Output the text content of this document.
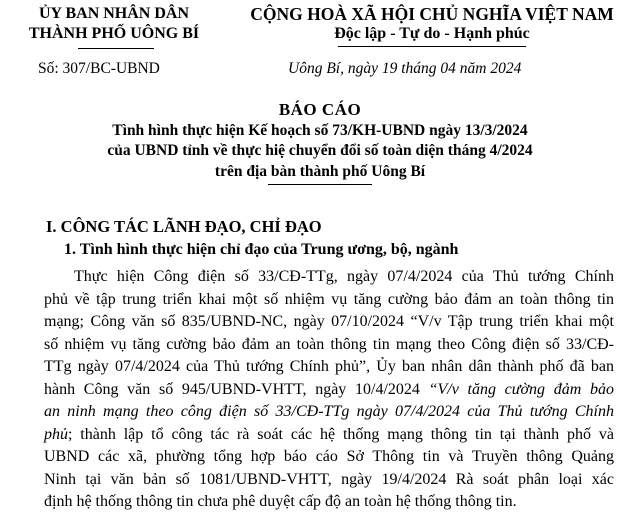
ỦY BAN NHÂN DÂN
THÀNH PHỐ UÔNG BÍ
CỘNG HOÀ XÃ HỘI CHỦ NGHĨA VIỆT NAM
Độc lập - Tự do - Hạnh phúc
Số: 307/BC-UBND	Uông Bí, ngày 19 tháng 04 năm 2024
BÁO CÁO
Tình hình thực hiện Kế hoạch số 73/KH-UBND ngày 13/3/2024
của UBND tỉnh về thực hiệ chuyển đổi số toàn diện tháng 4/2024
trên địa bàn thành phố Uông Bí
I. CÔNG TÁC LÃNH ĐẠO, CHỈ ĐẠO
1. Tình hình thực hiện chỉ đạo của Trung ương, bộ, ngành
Thực hiện Công điện số 33/CĐ-TTg, ngày 07/4/2024 của Thủ tướng Chính
phủ về tập trung triển khai một số nhiệm vụ tăng cường bảo đảm an toàn thông tin
mạng; Công văn số 835/UBND-NC, ngày 07/10/2024 “V/v Tập trung triển khai một
số nhiệm vụ tăng cường bảo đảm an toàn thông tin mạng theo Công điện số 33/CĐ-
TTg ngày 07/4/2024 của Thủ tướng Chính phủ”, Ủy ban nhân dân thành phố đã ban
hành Công văn số 945/UBND-VHTT, ngày 10/4/2024 “V/v tăng cường đảm bảo
an ninh mạng theo công điện số 33/CĐ-TTg ngày 07/4/2024 của Thủ tướng Chính
phủ; thành lập tổ công tác rà soát các hệ thống mạng thông tin tại thành phố và
UBND các xã, phường tổng hợp báo cáo Sở Thông tin và Truyền thông Quảng
Ninh tại văn bản số 1081/UBND-VHTT, ngày 19/4/2024 Rà soát phân loại xác
định hệ thống thông tin chưa phê duyệt cấp độ an toàn hệ thống thông tin.
